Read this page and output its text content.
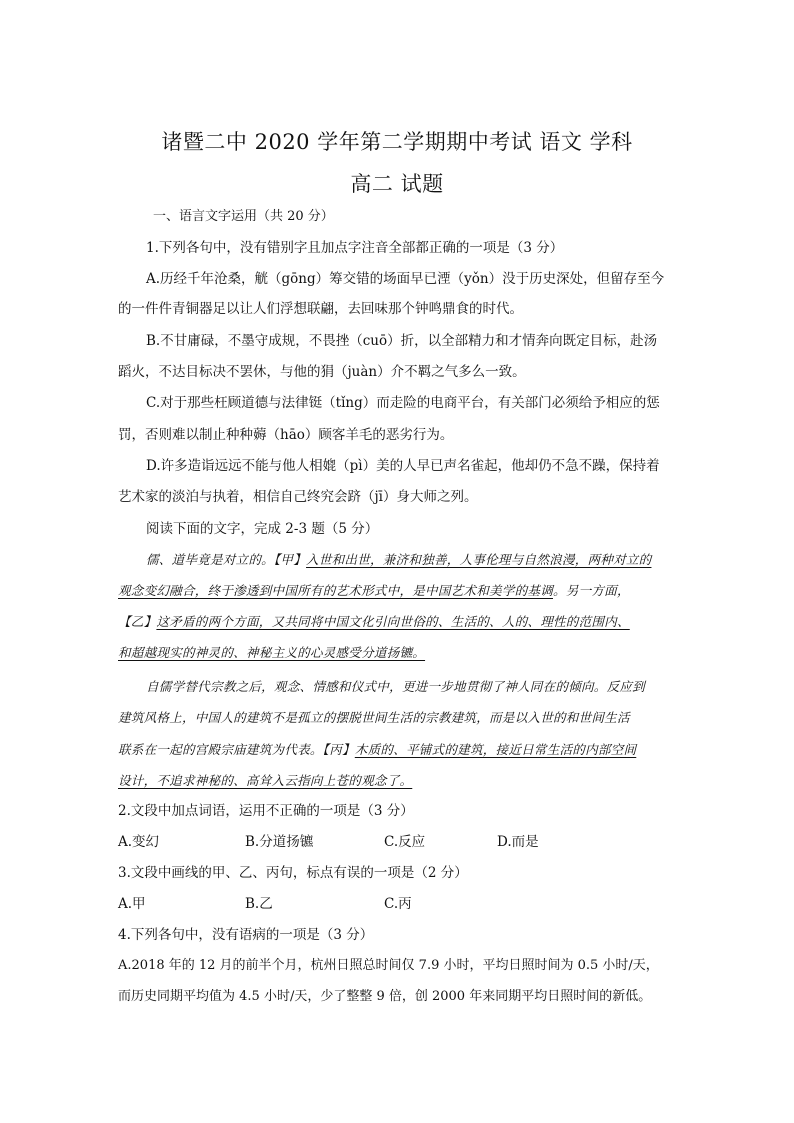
诸暨二中 2020 学年第二学期期中考试 语文 学科
高二 试题
一、语言文字运用（共 20 分）
1.下列各句中，没有错别字且加点字注音全部都正确的一项是（3 分）
A.历经千年沧桑，觥（gōng）筹交错的场面早已湮（yǒn）没于历史深处，但留存至今
的一件件青铜器足以让人们浮想联翩，去回味那个钟鸣鼎食的时代。
B.不甘庸碌，不墨守成规，不畏挫（cuō）折，以全部精力和才情奔向既定目标，赴汤
蹈火，不达目标决不罢休，与他的狷（juàn）介不羁之气多么一致。
C.对于那些枉顾道德与法律铤（tǐng）而走险的电商平台，有关部门必须给予相应的惩
罚，否则难以制止种种薅（hāo）顾客羊毛的恶劣行为。
D.许多造诣远远不能与他人相媲（pì）美的人早已声名雀起，他却仍不急不躁，保持着
艺术家的淡泊与执着，相信自己终究会跻（jī）身大师之列。
阅读下面的文字，完成 2-3 题（5 分）
儒、道毕竟是对立的。【甲】入世和出世，兼济和独善，人事伦理与自然浪漫，两种对立的
观念变幻融合，终于渗透到中国所有的艺术形式中，是中国艺术和美学的基调。另一方面，
【乙】这矛盾的两个方面，又共同将中国文化引向世俗的、生活的、人的、理性的范围内、
和超越现实的神灵的、神秘主义的心灵感受分道扬镳。
自儒学替代宗教之后，观念、情感和仪式中，更进一步地贯彻了神人同在的倾向。反应到
建筑风格上，中国人的建筑不是孤立的摆脱世间生活的宗教建筑，而是以入世的和世间生活
联系在一起的宫殿宗庙建筑为代表。【丙】木质的、平铺式的建筑，接近日常生活的内部空间
设计，不追求神秘的、高耸入云指向上苍的观念了。
2.文段中加点词语，运用不正确的一项是（3 分）
A.变幻	B.分道扬镳	C.反应	D.而是
3.文段中画线的甲、乙、丙句，标点有误的一项是（2 分）
A.甲	B.乙	C.丙
4.下列各句中，没有语病的一项是（3 分）
A.2018 年的 12 月的前半个月，杭州日照总时间仅 7.9 小时，平均日照时间为 0.5 小时/天，
而历史同期平均值为 4.5 小时/天，少了整整 9 倍，创 2000 年来同期平均日照时间的新低。
